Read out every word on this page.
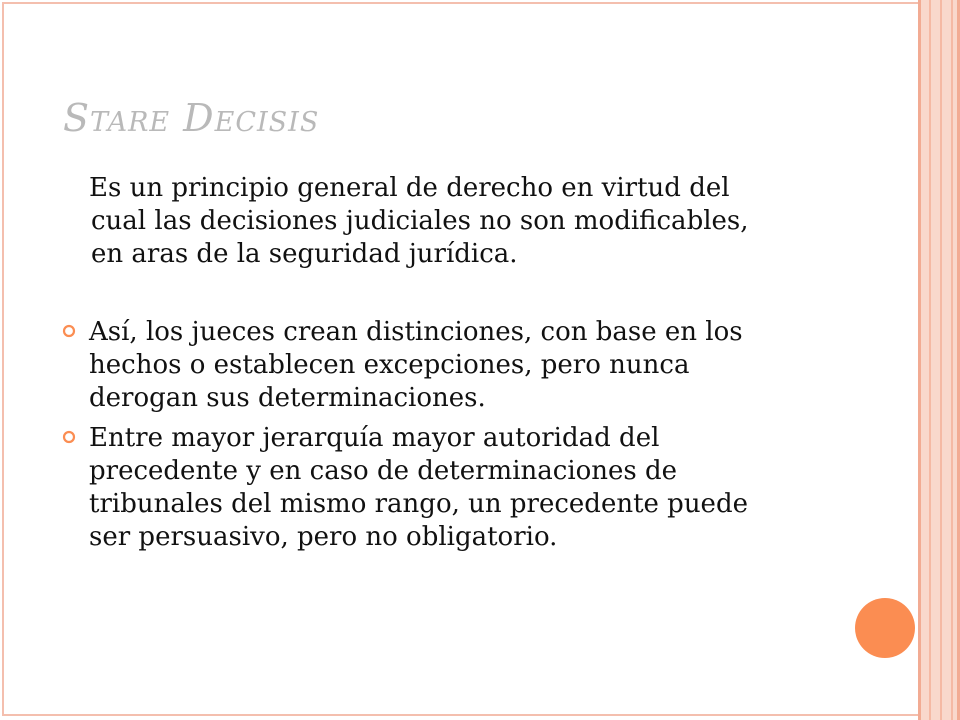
Stare Decisis

Es un principio general de derecho en virtud del
cual las decisiones judiciales no son modificables,
en aras de la seguridad jurídica.

Así, los jueces crean distinciones, con base en los
hechos o establecen excepciones, pero nunca
derogan sus determinaciones.
Entre mayor jerarquía mayor autoridad del
precedente y en caso de determinaciones de
tribunales del mismo rango, un precedente puede
ser persuasivo, pero no obligatorio.
